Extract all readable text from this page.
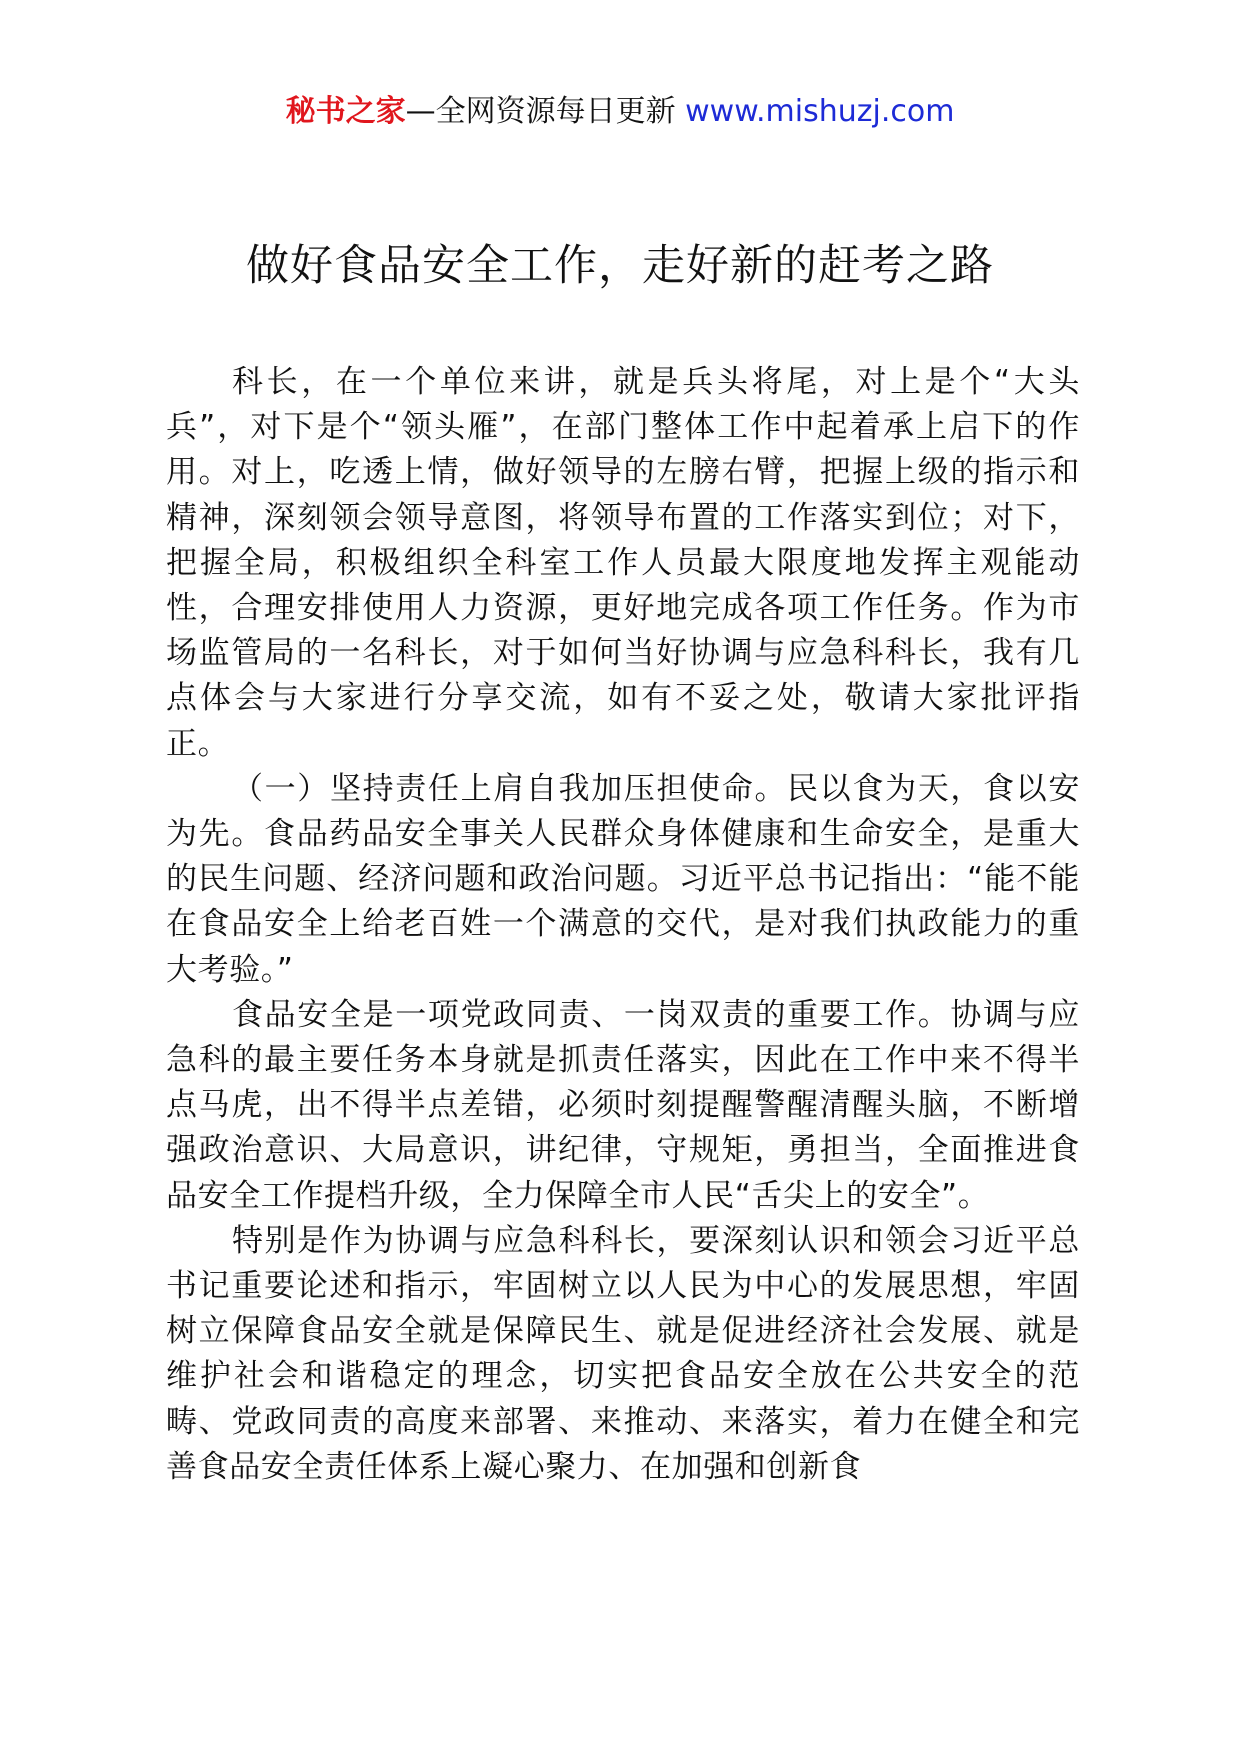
秘书之家—全网资源每日更新 www.mishuzj.com
做好食品安全工作，走好新的赶考之路

科长，在一个单位来讲，就是兵头将尾，对上是个“大头兵”，对下是个“领头雁”，在部门整体工作中起着承上启下的作用。对上，吃透上情，做好领导的左膀右臂，把握上级的指示和精神，深刻领会领导意图，将领导布置的工作落实到位；对下，把握全局，积极组织全科室工作人员最大限度地发挥主观能动性，合理安排使用人力资源，更好地完成各项工作任务。作为市场监管局的一名科长，对于如何当好协调与应急科科长，我有几点体会与大家进行分享交流，如有不妥之处，敬请大家批评指正。

（一）坚持责任上肩自我加压担使命。民以食为天，食以安为先。食品药品安全事关人民群众身体健康和生命安全，是重大的民生问题、经济问题和政治问题。习近平总书记指出：“能不能在食品安全上给老百姓一个满意的交代，是对我们执政能力的重大考验。”

食品安全是一项党政同责、一岗双责的重要工作。协调与应急科的最主要任务本身就是抓责任落实，因此在工作中来不得半点马虎，出不得半点差错，必须时刻提醒警醒清醒头脑，不断增强政治意识、大局意识，讲纪律，守规矩，勇担当，全面推进食品安全工作提档升级，全力保障全市人民“舌尖上的安全”。

特别是作为协调与应急科科长，要深刻认识和领会习近平总书记重要论述和指示，牢固树立以人民为中心的发展思想，牢固树立保障食品安全就是保障民生、就是促进经济社会发展、就是维护社会和谐稳定的理念，切实把食品安全放在公共安全的范畴、党政同责的高度来部署、来推动、来落实，着力在健全和完善食品安全责任体系上凝心聚力、在加强和创新食
